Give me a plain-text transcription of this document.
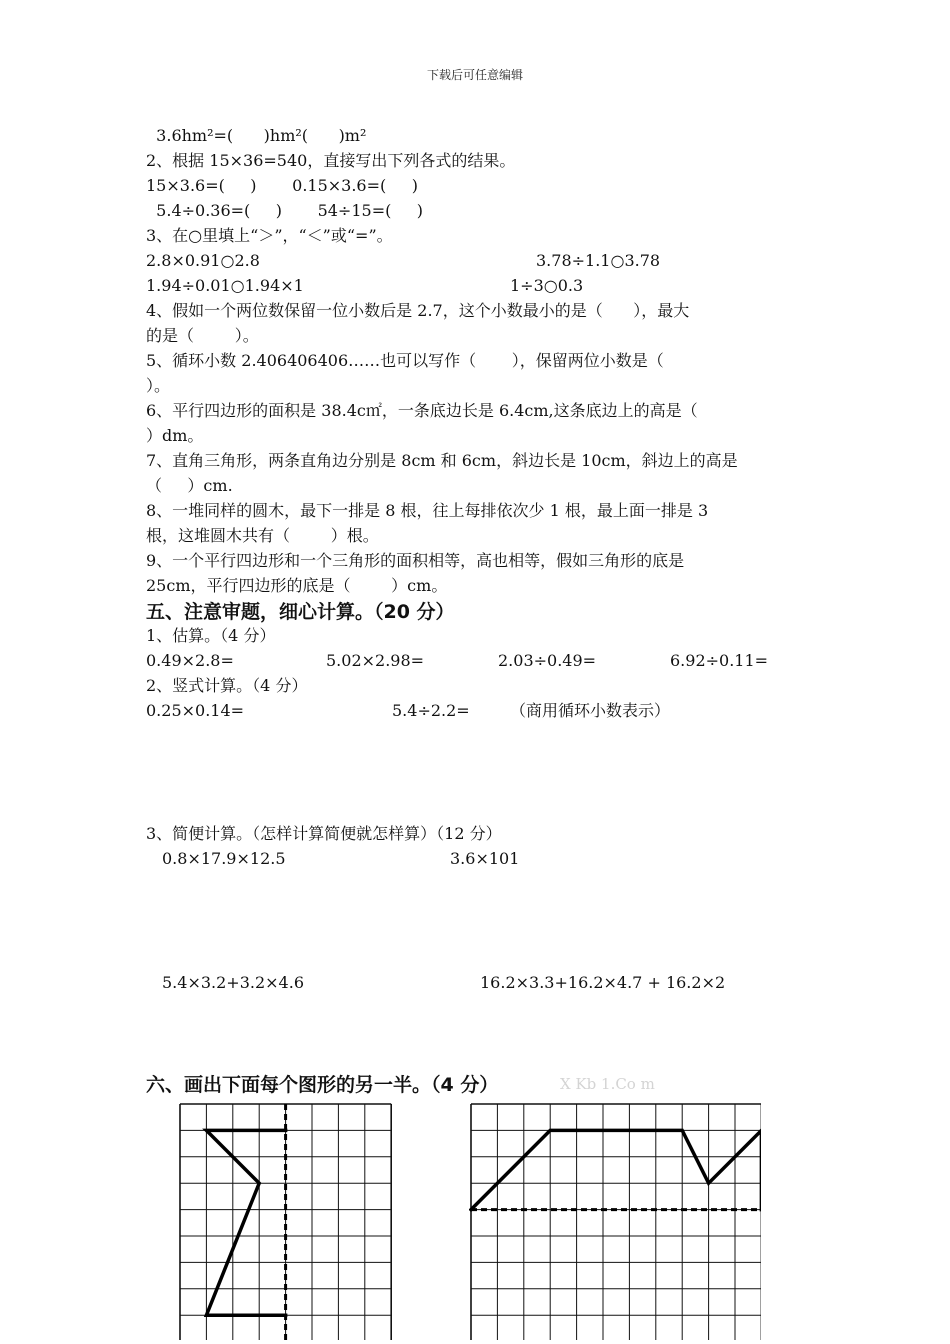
下载后可任意编辑
3.6hm²=(      )hm²(      )m²
2、根据 15×36=540，直接写出下列各式的结果。
15×3.6=(     )       0.15×3.6=(     )
5.4÷0.36=(     )       54÷15=(     )
3、在○里填上“＞”，“＜”或“=”。
2.8×0.91○2.8	3.78÷1.1○3.78
1.94÷0.01○1.94×1	1÷3○0.3
4、假如一个两位数保留一位小数后是 2.7，这个小数最小的是（      ），最大
的是（        ）。
5、循环小数 2.406406406……也可以写作（       ），保留两位小数是（
）。
6、平行四边形的面积是 38.4c㎡，一条底边长是 6.4cm,这条底边上的高是（
）dm。
7、直角三角形，两条直角边分别是 8cm 和 6cm，斜边长是 10cm，斜边上的高是
（     ）cm.
8、一堆同样的圆木，最下一排是 8 根，往上每排依次少 1 根，最上面一排是 3
根，这堆圆木共有（        ）根。
9、一个平行四边形和一个三角形的面积相等，高也相等，假如三角形的底是
25cm，平行四边形的底是（        ）cm。
五、注意审题，细心计算。（20 分）
1、估算。（4 分）
0.49×2.8=	5.02×2.98=	2.03÷0.49=	6.92÷0.11=
2、竖式计算。（4 分）
0.25×0.14=	5.4÷2.2=	（商用循环小数表示）
3、简便计算。（怎样计算简便就怎样算）（12 分）
0.8×17.9×12.5	3.6×101
5.4×3.2+3.2×4.6	16.2×3.3+16.2×4.7 + 16.2×2
六、画出下面每个图形的另一半。（4 分）	X Kb 1.Co m
